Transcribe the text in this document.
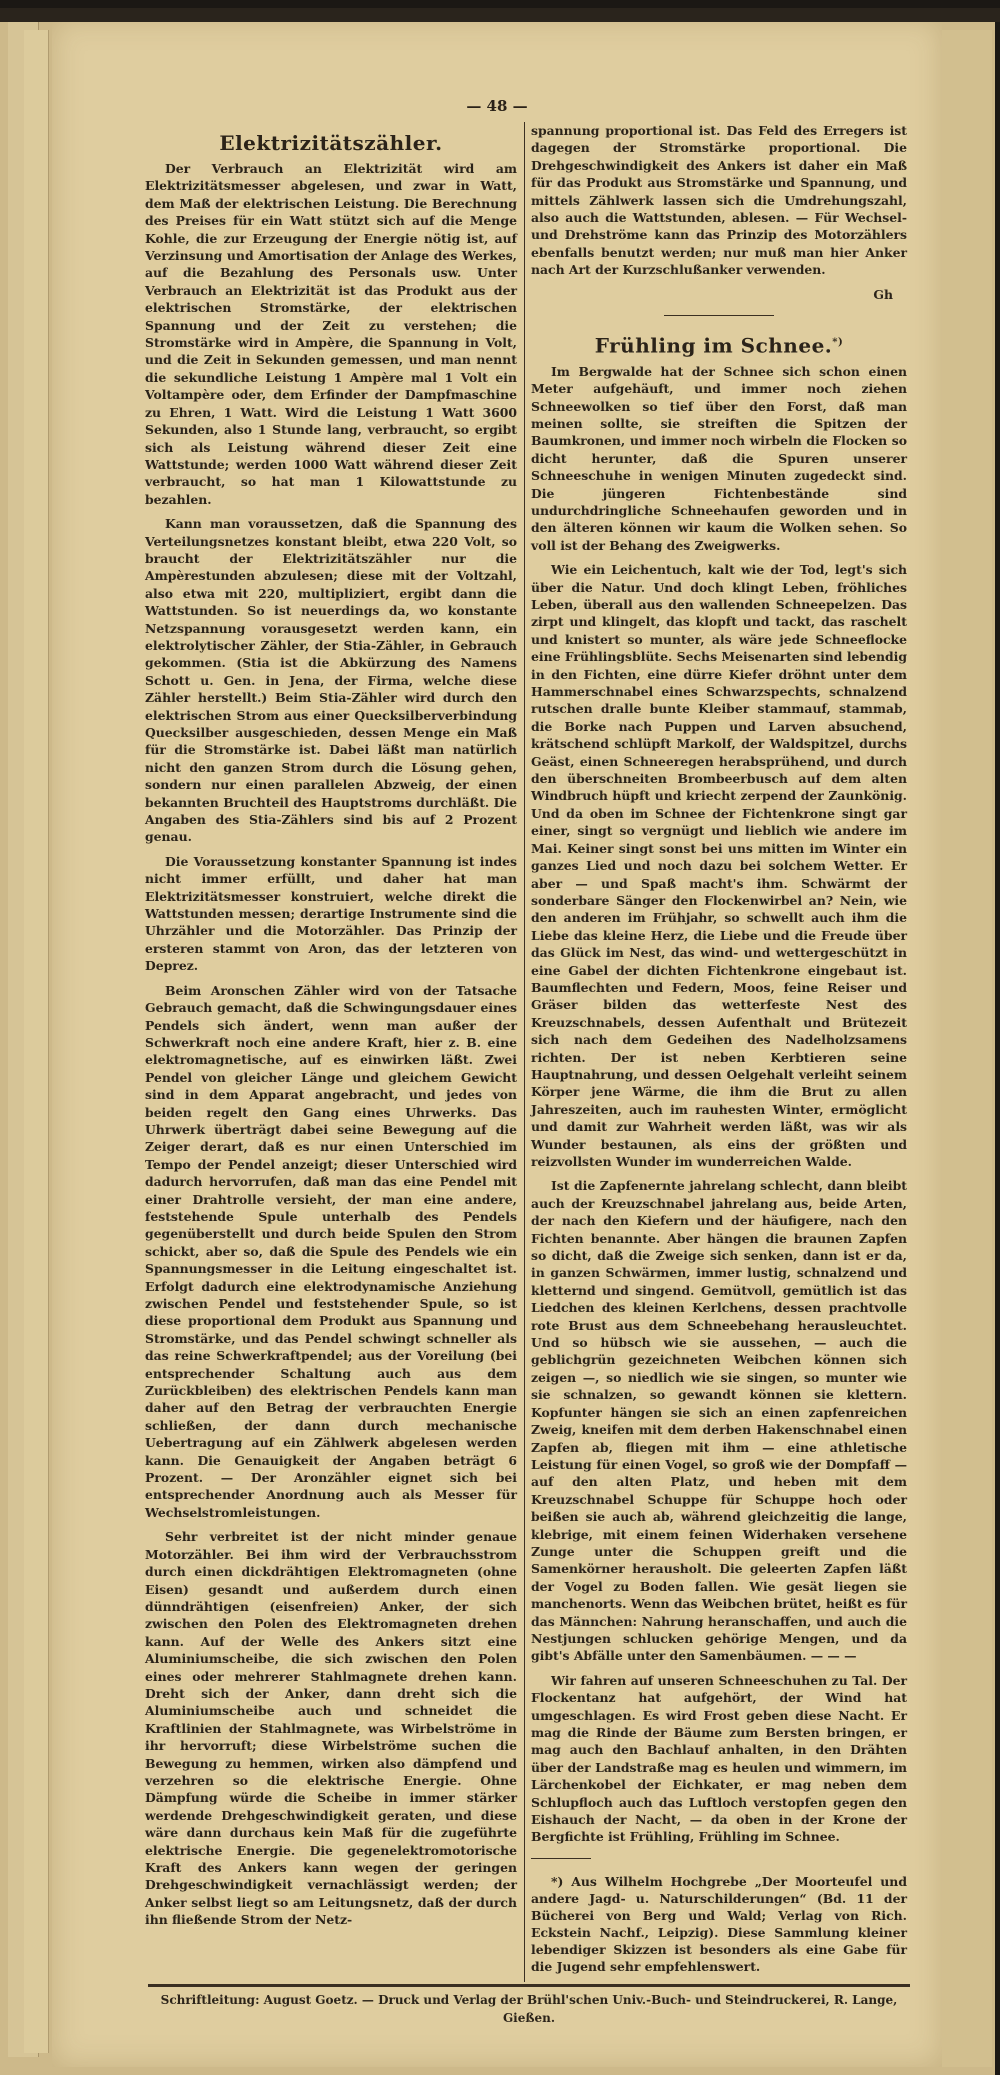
— 48 —
Elektrizitätszähler.

Der Verbrauch an Elektrizität wird am Elektrizitätsmesser abgelesen, und zwar in Watt, dem Maß der elektrischen Leistung. Die Berechnung des Preises für ein Watt stützt sich auf die Menge Kohle, die zur Erzeugung der Energie nötig ist, auf Verzinsung und Amortisation der Anlage des Werkes, auf die Bezahlung des Personals usw. Unter Verbrauch an Elektrizität ist das Produkt aus der elektrischen Stromstärke, der elektrischen Spannung und der Zeit zu verstehen; die Stromstärke wird in Ampère, die Spannung in Volt, und die Zeit in Sekunden gemessen, und man nennt die sekundliche Leistung 1 Ampère mal 1 Volt ein Voltampère oder, dem Erfinder der Dampfmaschine zu Ehren, 1 Watt. Wird die Leistung 1 Watt 3600 Sekunden, also 1 Stunde lang, verbraucht, so ergibt sich als Leistung während dieser Zeit eine Wattstunde; werden 1000 Watt während dieser Zeit verbraucht, so hat man 1 Kilowattstunde zu bezahlen.

Kann man voraussetzen, daß die Spannung des Verteilungsnetzes konstant bleibt, etwa 220 Volt, so braucht der Elektrizitätszähler nur die Ampèrestunden abzulesen; diese mit der Voltzahl, also etwa mit 220, multipliziert, ergibt dann die Wattstunden. So ist neuerdings da, wo konstante Netzspannung vorausgesetzt werden kann, ein elektrolytischer Zähler, der Stia-Zähler, in Gebrauch gekommen. (Stia ist die Abkürzung des Namens Schott u. Gen. in Jena, der Firma, welche diese Zähler herstellt.) Beim Stia-Zähler wird durch den elektrischen Strom aus einer Quecksilberverbindung Quecksilber ausgeschieden, dessen Menge ein Maß für die Stromstärke ist. Dabei läßt man natürlich nicht den ganzen Strom durch die Lösung gehen, sondern nur einen parallelen Abzweig, der einen bekannten Bruchteil des Hauptstroms durchläßt. Die Angaben des Stia-Zählers sind bis auf 2 Prozent genau.

Die Voraussetzung konstanter Spannung ist indes nicht immer erfüllt, und daher hat man Elektrizitätsmesser konstruiert, welche direkt die Wattstunden messen; derartige Instrumente sind die Uhrzähler und die Motorzähler. Das Prinzip der ersteren stammt von Aron, das der letzteren von Deprez.

Beim Aronschen Zähler wird von der Tatsache Gebrauch gemacht, daß die Schwingungsdauer eines Pendels sich ändert, wenn man außer der Schwerkraft noch eine andere Kraft, hier z. B. eine elektromagnetische, auf es einwirken läßt. Zwei Pendel von gleicher Länge und gleichem Gewicht sind in dem Apparat angebracht, und jedes von beiden regelt den Gang eines Uhrwerks. Das Uhrwerk überträgt dabei seine Bewegung auf die Zeiger derart, daß es nur einen Unterschied im Tempo der Pendel anzeigt; dieser Unterschied wird dadurch hervorrufen, daß man das eine Pendel mit einer Drahtrolle versieht, der man eine andere, feststehende Spule unterhalb des Pendels gegenüberstellt und durch beide Spulen den Strom schickt, aber so, daß die Spule des Pendels wie ein Spannungsmesser in die Leitung eingeschaltet ist. Erfolgt dadurch eine elektrodynamische Anziehung zwischen Pendel und feststehender Spule, so ist diese proportional dem Produkt aus Spannung und Stromstärke, und das Pendel schwingt schneller als das reine Schwerkraftpendel; aus der Voreilung (bei entsprechender Schaltung auch aus dem Zurückbleiben) des elektrischen Pendels kann man daher auf den Betrag der verbrauchten Energie schließen, der dann durch mechanische Uebertragung auf ein Zählwerk abgelesen werden kann. Die Genauigkeit der Angaben beträgt 6 Prozent. — Der Aronzähler eignet sich bei entsprechender Anordnung auch als Messer für Wechselstromleistungen.

Sehr verbreitet ist der nicht minder genaue Motorzähler. Bei ihm wird der Verbrauchsstrom durch einen dickdrähtigen Elektromagneten (ohne Eisen) gesandt und außerdem durch einen dünndrähtigen (eisenfreien) Anker, der sich zwischen den Polen des Elektromagneten drehen kann. Auf der Welle des Ankers sitzt eine Aluminiumscheibe, die sich zwischen den Polen eines oder mehrerer Stahlmagnete drehen kann. Dreht sich der Anker, dann dreht sich die Aluminiumscheibe auch und schneidet die Kraftlinien der Stahlmagnete, was Wirbelströme in ihr hervorruft; diese Wirbelströme suchen die Bewegung zu hemmen, wirken also dämpfend und verzehren so die elektrische Energie. Ohne Dämpfung würde die Scheibe in immer stärker werdende Drehgeschwindigkeit geraten, und diese wäre dann durchaus kein Maß für die zugeführte elektrische Energie. Die gegenelektromotorische Kraft des Ankers kann wegen der geringen Drehgeschwindigkeit vernachlässigt werden; der Anker selbst liegt so am Leitungsnetz, daß der durch ihn fließende Strom der Netz-

spannung proportional ist. Das Feld des Erregers ist dagegen der Stromstärke proportional. Die Drehgeschwindigkeit des Ankers ist daher ein Maß für das Produkt aus Stromstärke und Spannung, und mittels Zählwerk lassen sich die Umdrehungszahl, also auch die Wattstunden, ablesen. — Für Wechsel- und Drehströme kann das Prinzip des Motorzählers ebenfalls benutzt werden; nur muß man hier Anker nach Art der Kurzschlußanker verwenden.

Gh
Frühling im Schnee.*)

Im Bergwalde hat der Schnee sich schon einen Meter aufgehäuft, und immer noch ziehen Schneewolken so tief über den Forst, daß man meinen sollte, sie streiften die Spitzen der Baumkronen, und immer noch wirbeln die Flocken so dicht herunter, daß die Spuren unserer Schneeschuhe in wenigen Minuten zugedeckt sind. Die jüngeren Fichtenbestände sind undurchdringliche Schneehaufen geworden und in den älteren können wir kaum die Wolken sehen. So voll ist der Behang des Zweigwerks.

Wie ein Leichentuch, kalt wie der Tod, legt's sich über die Natur. Und doch klingt Leben, fröhliches Leben, überall aus den wallenden Schneepelzen. Das zirpt und klingelt, das klopft und tackt, das raschelt und knistert so munter, als wäre jede Schneeflocke eine Frühlingsblüte. Sechs Meisenarten sind lebendig in den Fichten, eine dürre Kiefer dröhnt unter dem Hammerschnabel eines Schwarzspechts, schnalzend rutschen dralle bunte Kleiber stammauf, stammab, die Borke nach Puppen und Larven absuchend, krätschend schlüpft Markolf, der Waldspitzel, durchs Geäst, einen Schneeregen herabsprühend, und durch den überschneiten Brombeerbusch auf dem alten Windbruch hüpft und kriecht zerpend der Zaunkönig. Und da oben im Schnee der Fichtenkrone singt gar einer, singt so vergnügt und lieblich wie andere im Mai. Keiner singt sonst bei uns mitten im Winter ein ganzes Lied und noch dazu bei solchem Wetter. Er aber — und Spaß macht's ihm. Schwärmt der sonderbare Sänger den Flockenwirbel an? Nein, wie den anderen im Frühjahr, so schwellt auch ihm die Liebe das kleine Herz, die Liebe und die Freude über das Glück im Nest, das wind- und wettergeschützt in eine Gabel der dichten Fichtenkrone eingebaut ist. Baumflechten und Federn, Moos, feine Reiser und Gräser bilden das wetterfeste Nest des Kreuzschnabels, dessen Aufenthalt und Brütezeit sich nach dem Gedeihen des Nadelholzsamens richten. Der ist neben Kerbtieren seine Hauptnahrung, und dessen Oelgehalt verleiht seinem Körper jene Wärme, die ihm die Brut zu allen Jahreszeiten, auch im rauhesten Winter, ermöglicht und damit zur Wahrheit werden läßt, was wir als Wunder bestaunen, als eins der größten und reizvollsten Wunder im wunderreichen Walde.

Ist die Zapfenernte jahrelang schlecht, dann bleibt auch der Kreuzschnabel jahrelang aus, beide Arten, der nach den Kiefern und der häufigere, nach den Fichten benannte. Aber hängen die braunen Zapfen so dicht, daß die Zweige sich senken, dann ist er da, in ganzen Schwärmen, immer lustig, schnalzend und kletternd und singend. Gemütvoll, gemütlich ist das Liedchen des kleinen Kerlchens, dessen prachtvolle rote Brust aus dem Schneebehang herausleuchtet. Und so hübsch wie sie aussehen, — auch die geblichgrün gezeichneten Weibchen können sich zeigen —, so niedlich wie sie singen, so munter wie sie schnalzen, so gewandt können sie klettern. Kopfunter hängen sie sich an einen zapfenreichen Zweig, kneifen mit dem derben Hakenschnabel einen Zapfen ab, fliegen mit ihm — eine athletische Leistung für einen Vogel, so groß wie der Dompfaff — auf den alten Platz, und heben mit dem Kreuzschnabel Schuppe für Schuppe hoch oder beißen sie auch ab, während gleichzeitig die lange, klebrige, mit einem feinen Widerhaken versehene Zunge unter die Schuppen greift und die Samenkörner herausholt. Die geleerten Zapfen läßt der Vogel zu Boden fallen. Wie gesät liegen sie manchenorts. Wenn das Weibchen brütet, heißt es für das Männchen: Nahrung heranschaffen, und auch die Nestjungen schlucken gehörige Mengen, und da gibt's Abfälle unter den Samenbäumen. — — —

Wir fahren auf unseren Schneeschuhen zu Tal. Der Flockentanz hat aufgehört, der Wind hat umgeschlagen. Es wird Frost geben diese Nacht. Er mag die Rinde der Bäume zum Bersten bringen, er mag auch den Bachlauf anhalten, in den Drähten über der Landstraße mag es heulen und wimmern, im Lärchenkobel der Eichkater, er mag neben dem Schlupfloch auch das Luftloch verstopfen gegen den Eishauch der Nacht, — da oben in der Krone der Bergfichte ist Frühling, Frühling im Schnee.

*) Aus Wilhelm Hochgrebe „Der Moorteufel und andere Jagd- u. Naturschilderungen“ (Bd. 11 der Bücherei von Berg und Wald; Verlag von Rich. Eckstein Nachf., Leipzig). Diese Sammlung kleiner lebendiger Skizzen ist besonders als eine Gabe für die Jugend sehr empfehlenswert.

Schriftleitung: August Goetz. — Druck und Verlag der Brühl'schen Univ.-Buch- und Steindruckerei, R. Lange, Gießen.
